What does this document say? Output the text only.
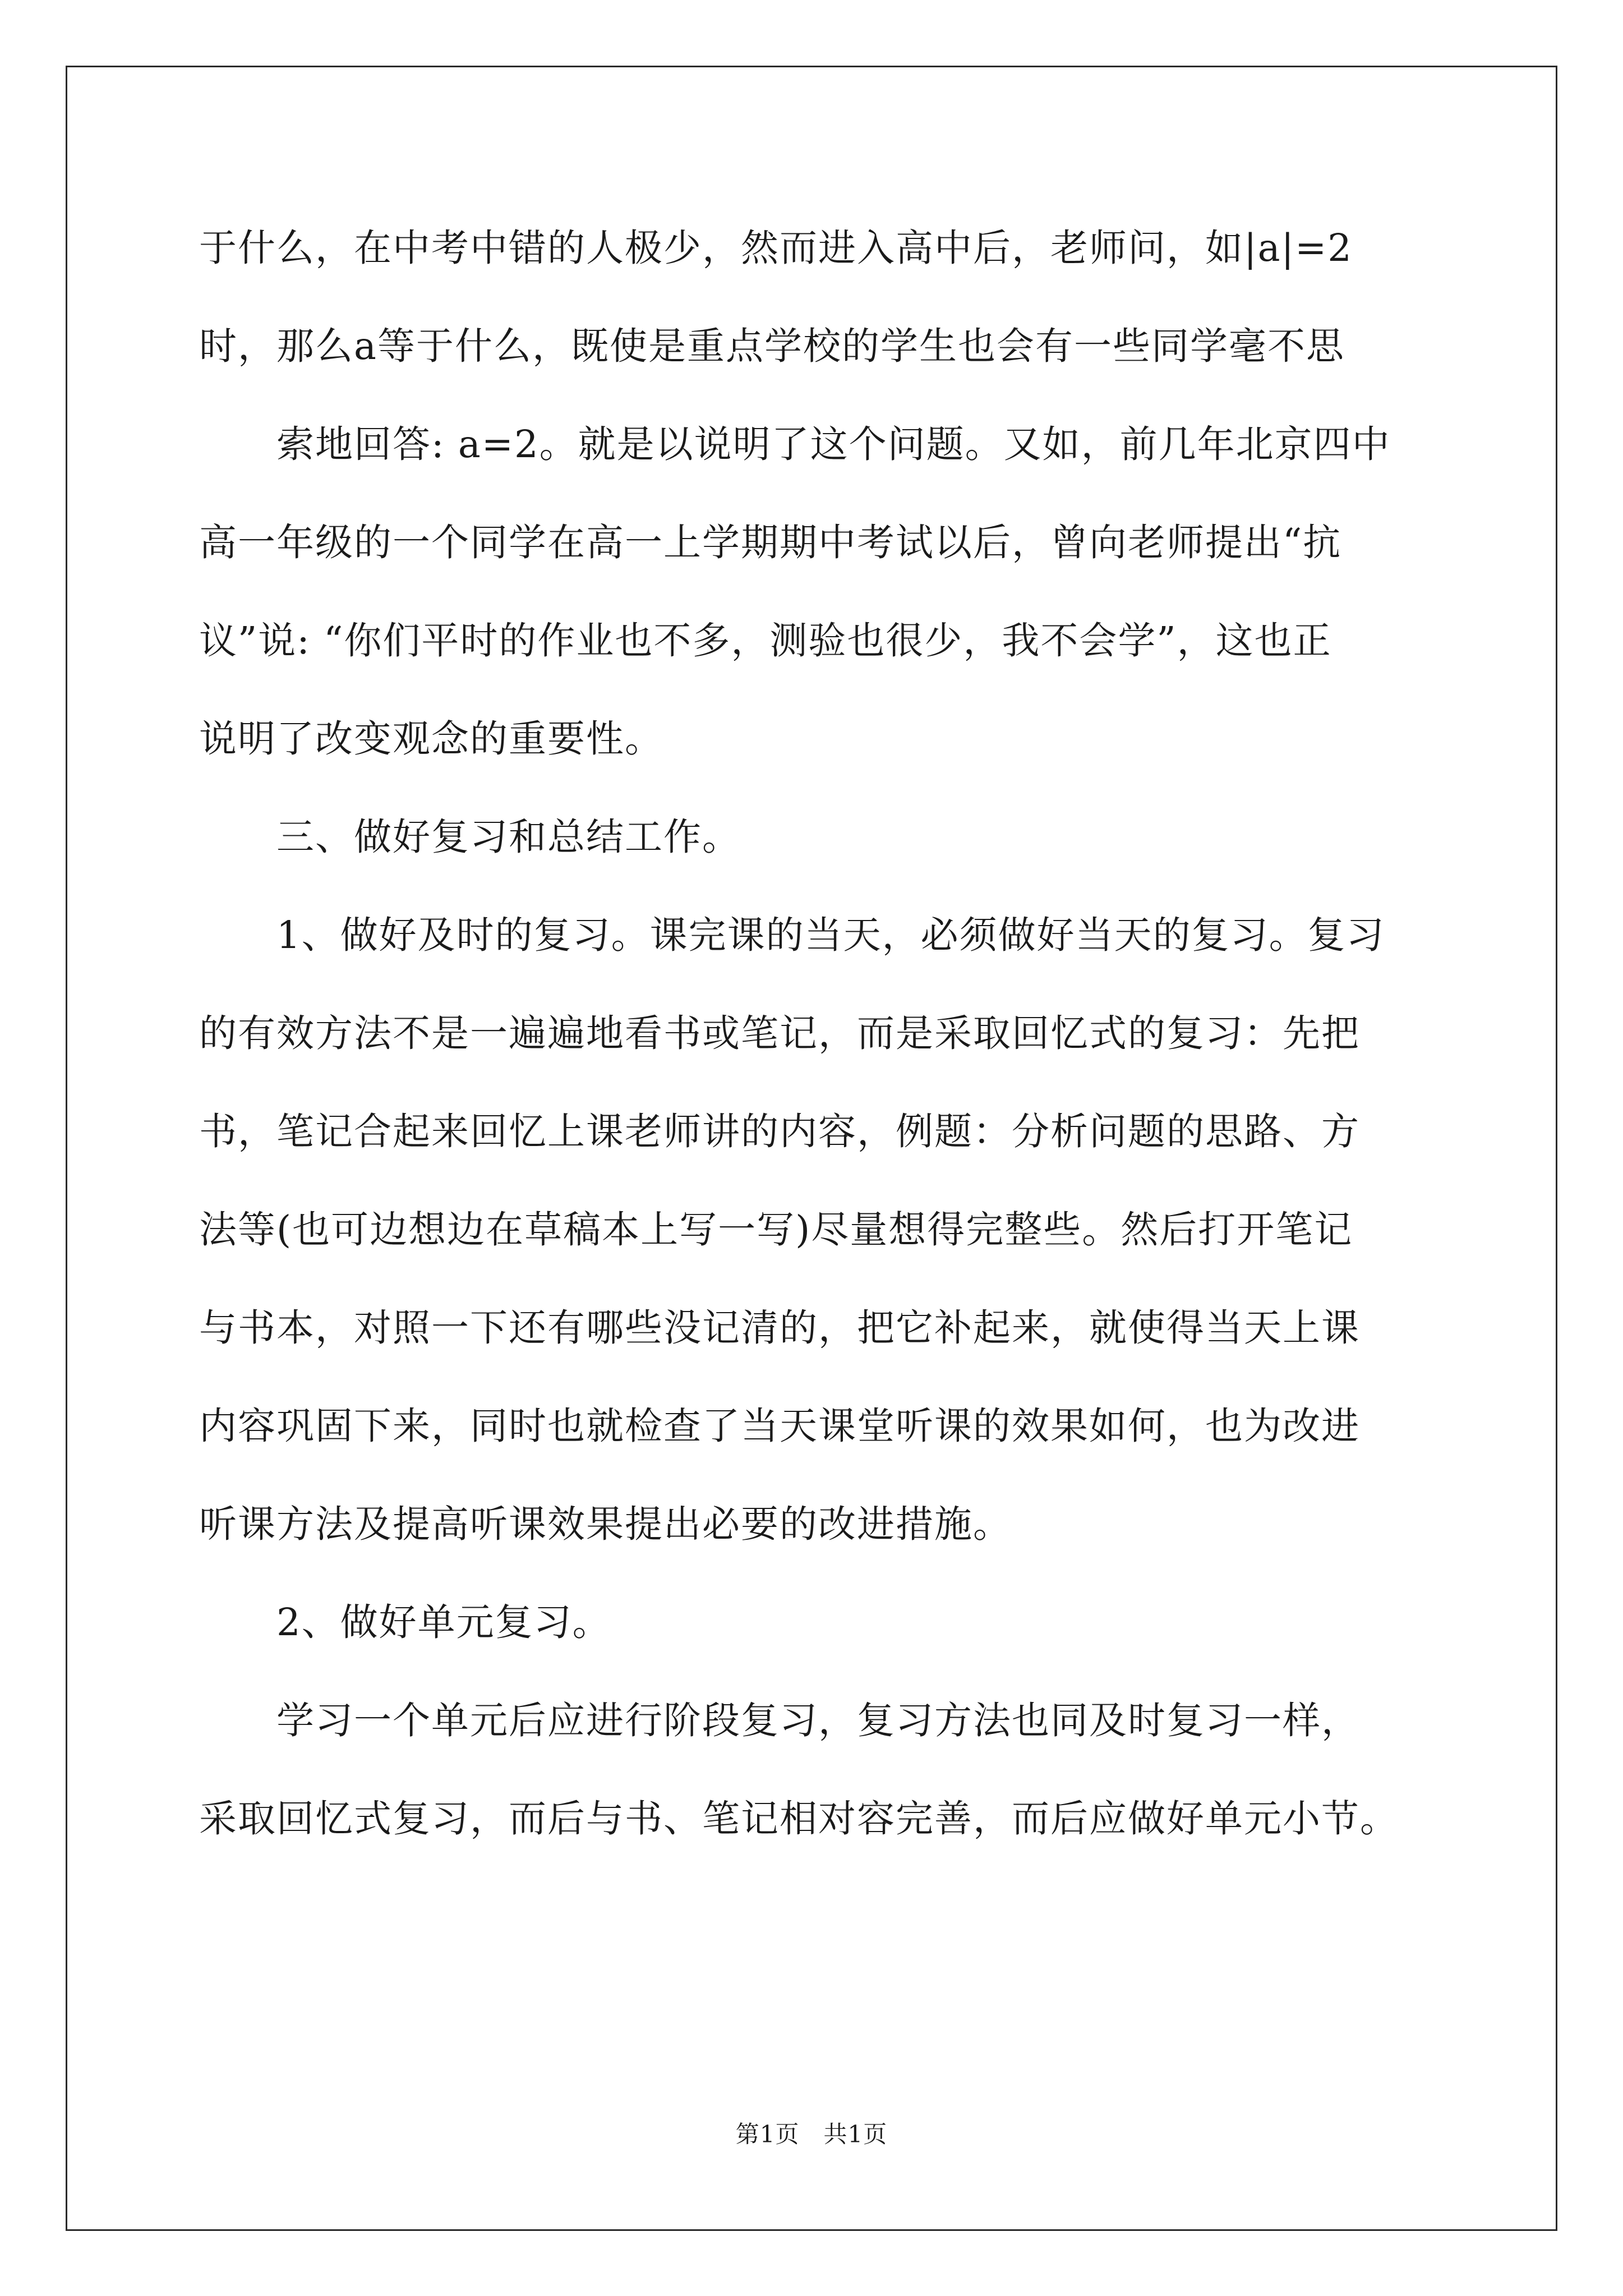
于什么，在中考中错的人极少，然而进入高中后，老师问，如|a|=2

时，那么a等于什么，既使是重点学校的学生也会有一些同学毫不思

　　索地回答: a=2。就是以说明了这个问题。又如，前几年北京四中

高一年级的一个同学在高一上学期期中考试以后，曾向老师提出“抗

议”说: “你们平时的作业也不多，测验也很少，我不会学”，这也正

说明了改变观念的重要性。

　　三、做好复习和总结工作。

　　1、做好及时的复习。课完课的当天，必须做好当天的复习。复习

的有效方法不是一遍遍地看书或笔记，而是采取回忆式的复习：先把

书，笔记合起来回忆上课老师讲的内容，例题：分析问题的思路、方

法等(也可边想边在草稿本上写一写)尽量想得完整些。然后打开笔记

与书本，对照一下还有哪些没记清的，把它补起来，就使得当天上课

内容巩固下来，同时也就检查了当天课堂听课的效果如何，也为改进

听课方法及提高听课效果提出必要的改进措施。

　　2、做好单元复习。

　　学习一个单元后应进行阶段复习，复习方法也同及时复习一样，

采取回忆式复习，而后与书、笔记相对容完善，而后应做好单元小节。

第1页　共1页
